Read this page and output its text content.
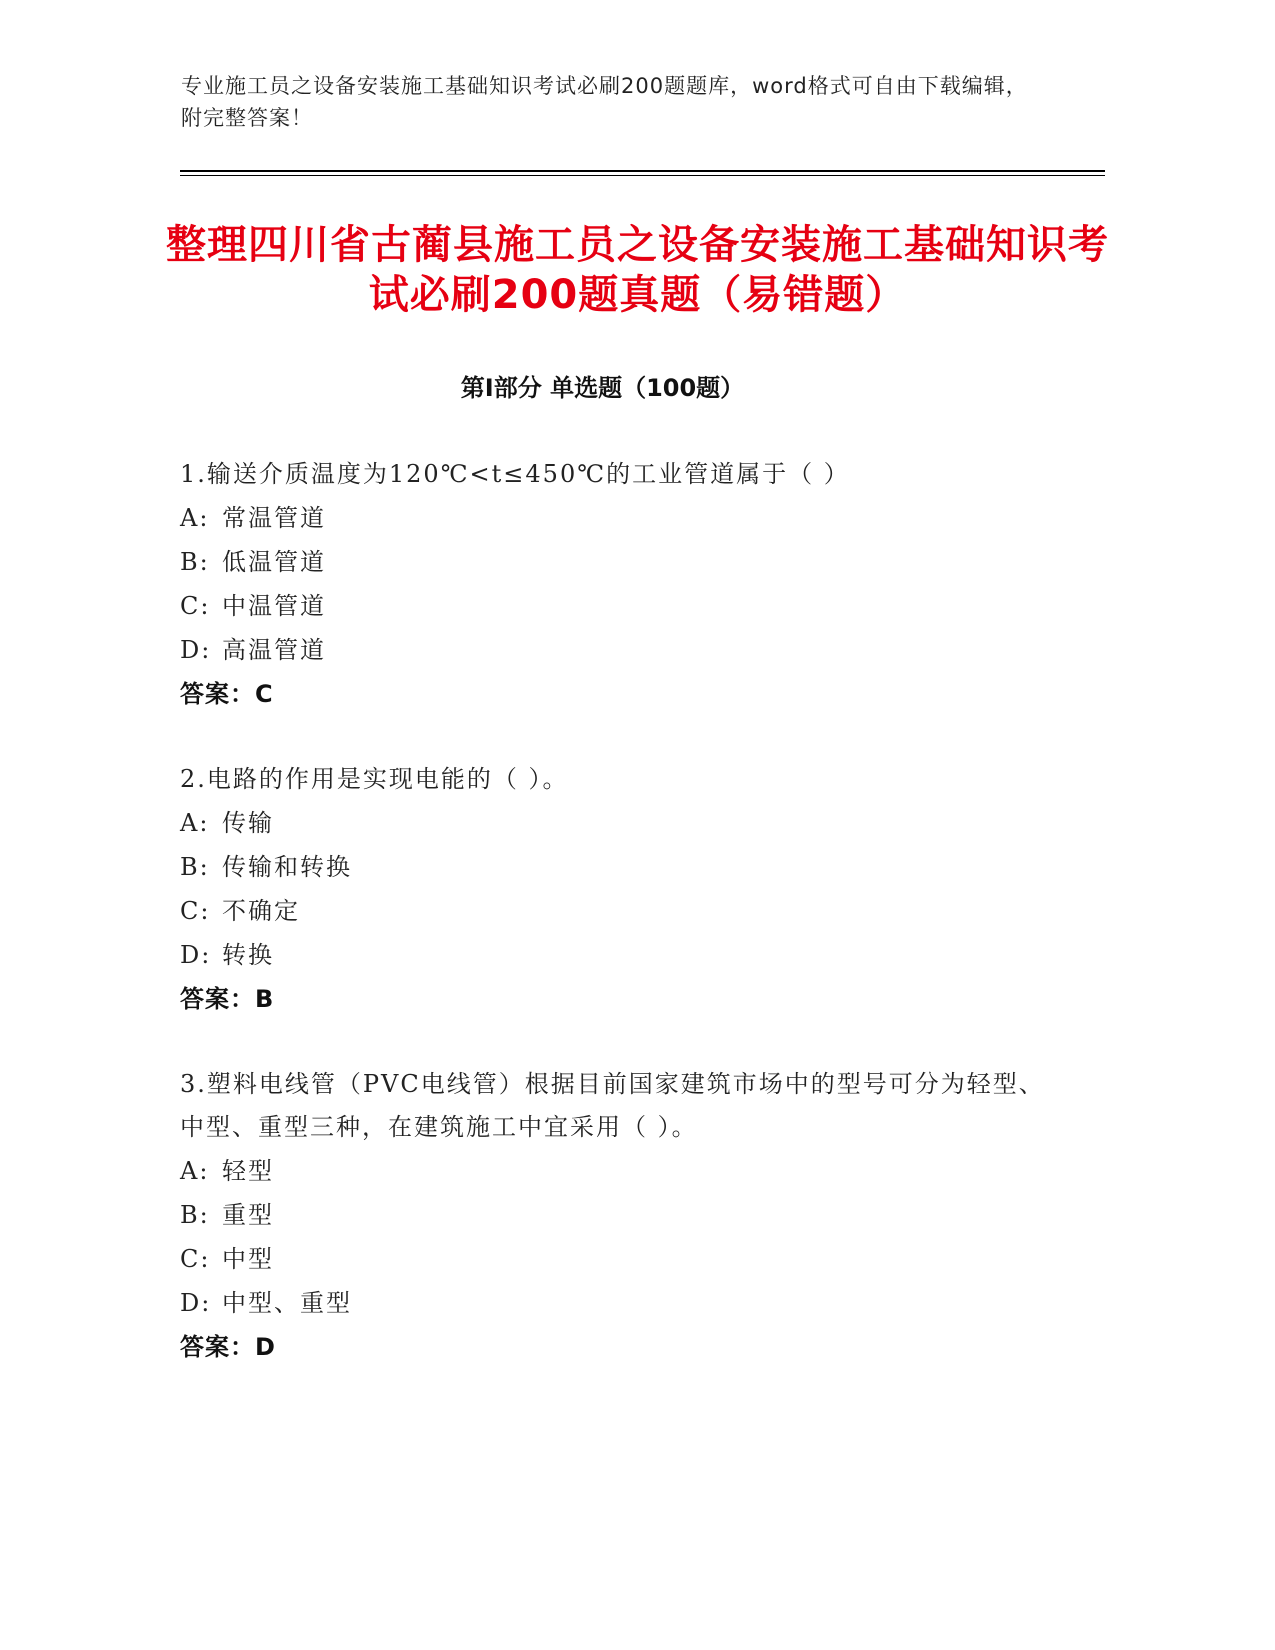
专业施工员之设备安装施工基础知识考试必刷200题题库，word格式可自由下载编辑，附完整答案！
整理四川省古蔺县施工员之设备安装施工基础知识考试必刷200题真题（易错题）
第Ⅰ部分 单选题（100题）
1.输送介质温度为120℃<t≤450℃的工业管道属于（ ）
A: 常温管道
B: 低温管道
C: 中温管道
D: 高温管道
答案：C
2.电路的作用是实现电能的（ ）。
A: 传输
B: 传输和转换
C: 不确定
D: 转换
答案：B
3.塑料电线管（PVC电线管）根据目前国家建筑市场中的型号可分为轻型、中型、重型三种，在建筑施工中宜采用（ ）。
A: 轻型
B: 重型
C: 中型
D: 中型、重型
答案：D
